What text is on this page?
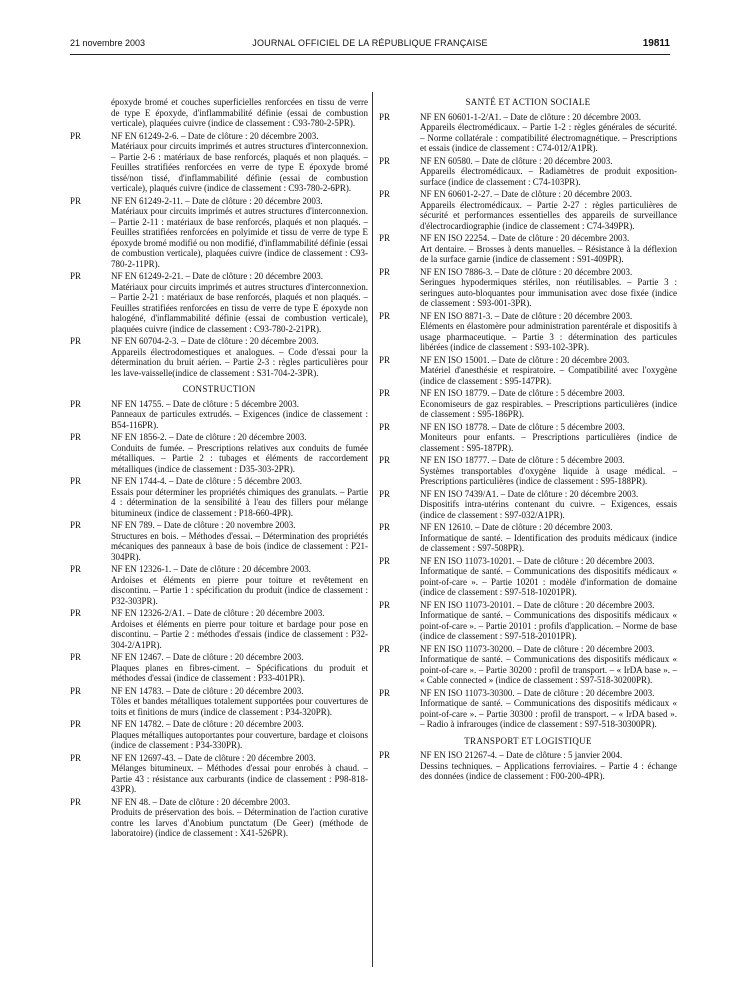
21 novembre 2003	JOURNAL OFFICIEL DE LA RÉPUBLIQUE FRANÇAISE	19811

époxyde bromé et couches superficielles renforcées en tissu de verre de type E époxyde, d'inflammabilité définie (essai de combustion verticale), plaquées cuivre (indice de classement : C93-780-2-5PR).

PR	NF EN 61249-2-6. – Date de clôture : 20 décembre 2003.

Matériaux pour circuits imprimés et autres structures d'interconnexion. – Partie 2-6 : matériaux de base renforcés, plaqués et non plaqués. – Feuilles stratifiées renforcées en verre de type E époxyde bromé tissé/non tissé, d'inflammabilité définie (essai de combustion verticale), plaqués cuivre (indice de classement : C93-780-2-6PR).

PR	NF EN 61249-2-11. – Date de clôture : 20 décembre 2003.

Matériaux pour circuits imprimés et autres structures d'interconnexion. – Partie 2-11 : matériaux de base renforcés, plaqués et non plaqués. – Feuilles stratifiées renforcées en polyimide et tissu de verre de type E époxyde bromé modifié ou non modifié, d'inflammabilité définie (essai de combustion verticale), plaquées cuivre (indice de classement : C93-780-2-11PR).

PR	NF EN 61249-2-21. – Date de clôture : 20 décembre 2003.

Matériaux pour circuits imprimés et autres structures d'interconnexion. – Partie 2-21 : matériaux de base renforcés, plaqués et non plaqués. – Feuilles stratifiées renforcées en tissu de verre de type E époxyde non halogéné, d'inflammabilité définie (essai de combustion verticale), plaquées cuivre (indice de classement : C93-780-2-21PR).

PR	NF EN 60704-2-3. – Date de clôture : 20 décembre 2003.

Appareils électrodomestiques et analogues. – Code d'essai pour la détermination du bruit aérien. – Partie 2-3 : règles particulières pour les lave-vaisselle(indice de classement : S31-704-2-3PR).

CONSTRUCTION
PR	NF EN 14755. – Date de clôture : 5 décembre 2003.

Panneaux de particules extrudés. – Exigences (indice de classement : B54-116PR).

PR	NF EN 1856-2. – Date de clôture : 20 décembre 2003.

Conduits de fumée. – Prescriptions relatives aux conduits de fumée métalliques. – Partie 2 : tubages et éléments de raccordement métalliques (indice de classement : D35-303-2PR).

PR	NF EN 1744-4. – Date de clôture : 5 décembre 2003.

Essais pour déterminer les propriétés chimiques des granulats. – Partie 4 : détermination de la sensibilité à l'eau des fillers pour mélange bitumineux (indice de classement : P18-660-4PR).

PR	NF EN 789. – Date de clôture : 20 novembre 2003.

Structures en bois. – Méthodes d'essai. – Détermination des propriétés mécaniques des panneaux à base de bois (indice de classement : P21-304PR).

PR	NF EN 12326-1. – Date de clôture : 20 décembre 2003.

Ardoises et éléments en pierre pour toiture et revêtement en discontinu. – Partie 1 : spécification du produit (indice de classement : P32-303PR).

PR	NF EN 12326-2/A1. – Date de clôture : 20 décembre 2003.

Ardoises et éléments en pierre pour toiture et bardage pour pose en discontinu. – Partie 2 : méthodes d'essais (indice de classement : P32-304-2/A1PR).

PR	NF EN 12467. – Date de clôture : 20 décembre 2003.

Plaques planes en fibres-ciment. – Spécifications du produit et méthodes d'essai (indice de classement : P33-401PR).

PR	NF EN 14783. – Date de clôture : 20 décembre 2003.

Tôles et bandes métalliques totalement supportées pour couvertures de toits et finitions de murs (indice de classement : P34-320PR).

PR	NF EN 14782. – Date de clôture : 20 décembre 2003.

Plaques métalliques autoportantes pour couverture, bardage et cloisons (indice de classement : P34-330PR).

PR	NF EN 12697-43. – Date de clôture : 20 décembre 2003.

Mélanges bitumineux. – Méthodes d'essai pour enrobés à chaud. – Partie 43 : résistance aux carburants (indice de classement : P98-818-43PR).

PR	NF EN 48. – Date de clôture : 20 décembre 2003.

Produits de préservation des bois. – Détermination de l'action curative contre les larves d'Anobium punctatum (De Geer) (méthode de laboratoire) (indice de classement : X41-526PR).

SANTÉ ET ACTION SOCIALE
PR	NF EN 60601-1-2/A1. – Date de clôture : 20 décembre 2003.

Appareils électromédicaux. – Partie 1-2 : règles générales de sécurité. – Norme collatérale : compatibilité électromagnétique. – Prescriptions et essais (indice de classement : C74-012/A1PR).

PR	NF EN 60580. – Date de clôture : 20 décembre 2003.

Appareils électromédicaux. – Radiamètres de produit exposition-surface (indice de classement : C74-103PR).

PR	NF EN 60601-2-27. – Date de clôture : 20 décembre 2003.

Appareils électromédicaux. – Partie 2-27 : règles particulières de sécurité et performances essentielles des appareils de surveillance d'électrocardiographie (indice de classement : C74-349PR).

PR	NF EN ISO 22254. – Date de clôture : 20 décembre 2003.

Art dentaire. – Brosses à dents manuelles. – Résistance à la déflexion de la surface garnie (indice de classement : S91-409PR).

PR	NF EN ISO 7886-3. – Date de clôture : 20 décembre 2003.

Seringues hypodermiques stériles, non réutilisables. – Partie 3 : seringues auto-bloquantes pour immunisation avec dose fixée (indice de classement : S93-001-3PR).

PR	NF EN ISO 8871-3. – Date de clôture : 20 décembre 2003.

Eléments en élastomère pour administration parentérale et dispositifs à usage pharmaceutique. – Partie 3 : détermination des particules libérées (indice de classement : S93-102-3PR).

PR	NF EN ISO 15001. – Date de clôture : 20 décembre 2003.

Matériel d'anesthésie et respiratoire. – Compatibilité avec l'oxygène (indice de classement : S95-147PR).

PR	NF EN ISO 18779. – Date de clôture : 5 décembre 2003.

Economiseurs de gaz respirables. – Prescriptions particulières (indice de classement : S95-186PR).

PR	NF EN ISO 18778. – Date de clôture : 5 décembre 2003.

Moniteurs pour enfants. – Prescriptions particulières (indice de classement : S95-187PR).

PR	NF EN ISO 18777. – Date de clôture : 5 décembre 2003.

Systèmes transportables d'oxygène liquide à usage médical. – Prescriptions particulières (indice de classement : S95-188PR).

PR	NF EN ISO 7439/A1. – Date de clôture : 20 décembre 2003.

Dispositifs intra-utérins contenant du cuivre. – Exigences, essais (indice de classement : S97-032/A1PR).

PR	NF EN 12610. – Date de clôture : 20 décembre 2003.

Informatique de santé. – Identification des produits médicaux (indice de classement : S97-508PR).

PR	NF EN ISO 11073-10201. – Date de clôture : 20 décembre 2003.

Informatique de santé. – Communications des dispositifs médicaux « point-of-care ». – Partie 10201 : modèle d'information de domaine (indice de classement : S97-518-10201PR).

PR	NF EN ISO 11073-20101. – Date de clôture : 20 décembre 2003.

Informatique de santé. – Communications des dispositifs médicaux « point-of-care ». – Partie 20101 : profils d'application. – Norme de base (indice de classement : S97-518-20101PR).

PR	NF EN ISO 11073-30200. – Date de clôture : 20 décembre 2003.

Informatique de santé. – Communications des dispositifs médicaux « point-of-care ». – Partie 30200 : profil de transport. – « IrDA base ». – « Cable connected » (indice de classement : S97-518-30200PR).

PR	NF EN ISO 11073-30300. – Date de clôture : 20 décembre 2003.

Informatique de santé. – Communications des dispositifs médicaux « point-of-care ». – Partie 30300 : profil de transport. – « IrDA based ». – Radio à infrarouges (indice de classement : S97-518-30300PR).

TRANSPORT ET LOGISTIQUE
PR	NF EN ISO 21267-4. – Date de clôture : 5 janvier 2004.

Dessins techniques. – Applications ferroviaires. – Partie 4 : échange des données (indice de classement : F00-200-4PR).
